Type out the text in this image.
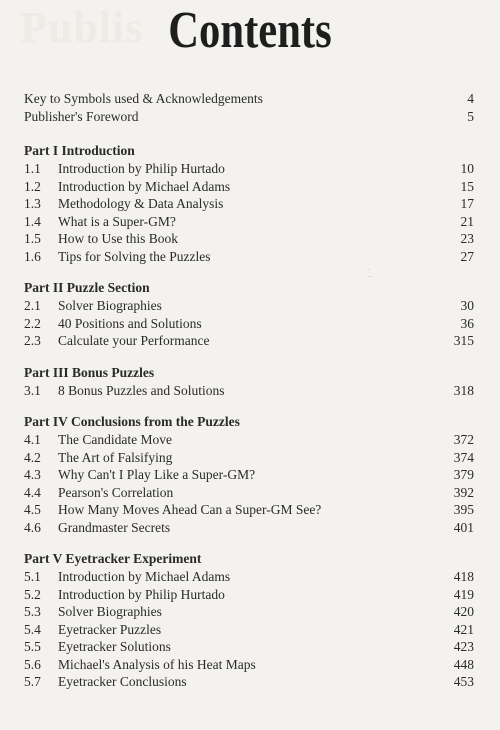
Publis Contents
.
..
Key to Symbols used & Acknowledgements	4
Publisher's Foreword	5
Part I Introduction
1.1	Introduction by Philip Hurtado	10
1.2	Introduction by Michael Adams	15
1.3	Methodology & Data Analysis	17
1.4	What is a Super-GM?	21
1.5	How to Use this Book	23
1.6	Tips for Solving the Puzzles	27
Part II Puzzle Section
2.1	Solver Biographies	30
2.2	40 Positions and Solutions	36
2.3	Calculate your Performance	315
Part III Bonus Puzzles
3.1	8 Bonus Puzzles and Solutions	318
Part IV Conclusions from the Puzzles
4.1	The Candidate Move	372
4.2	The Art of Falsifying	374
4.3	Why Can't I Play Like a Super-GM?	379
4.4	Pearson's Correlation	392
4.5	How Many Moves Ahead Can a Super-GM See?	395
4.6	Grandmaster Secrets	401
Part V Eyetracker Experiment
5.1	Introduction by Michael Adams	418
5.2	Introduction by Philip Hurtado	419
5.3	Solver Biographies	420
5.4	Eyetracker Puzzles	421
5.5	Eyetracker Solutions	423
5.6	Michael's Analysis of his Heat Maps	448
5.7	Eyetracker Conclusions	453
